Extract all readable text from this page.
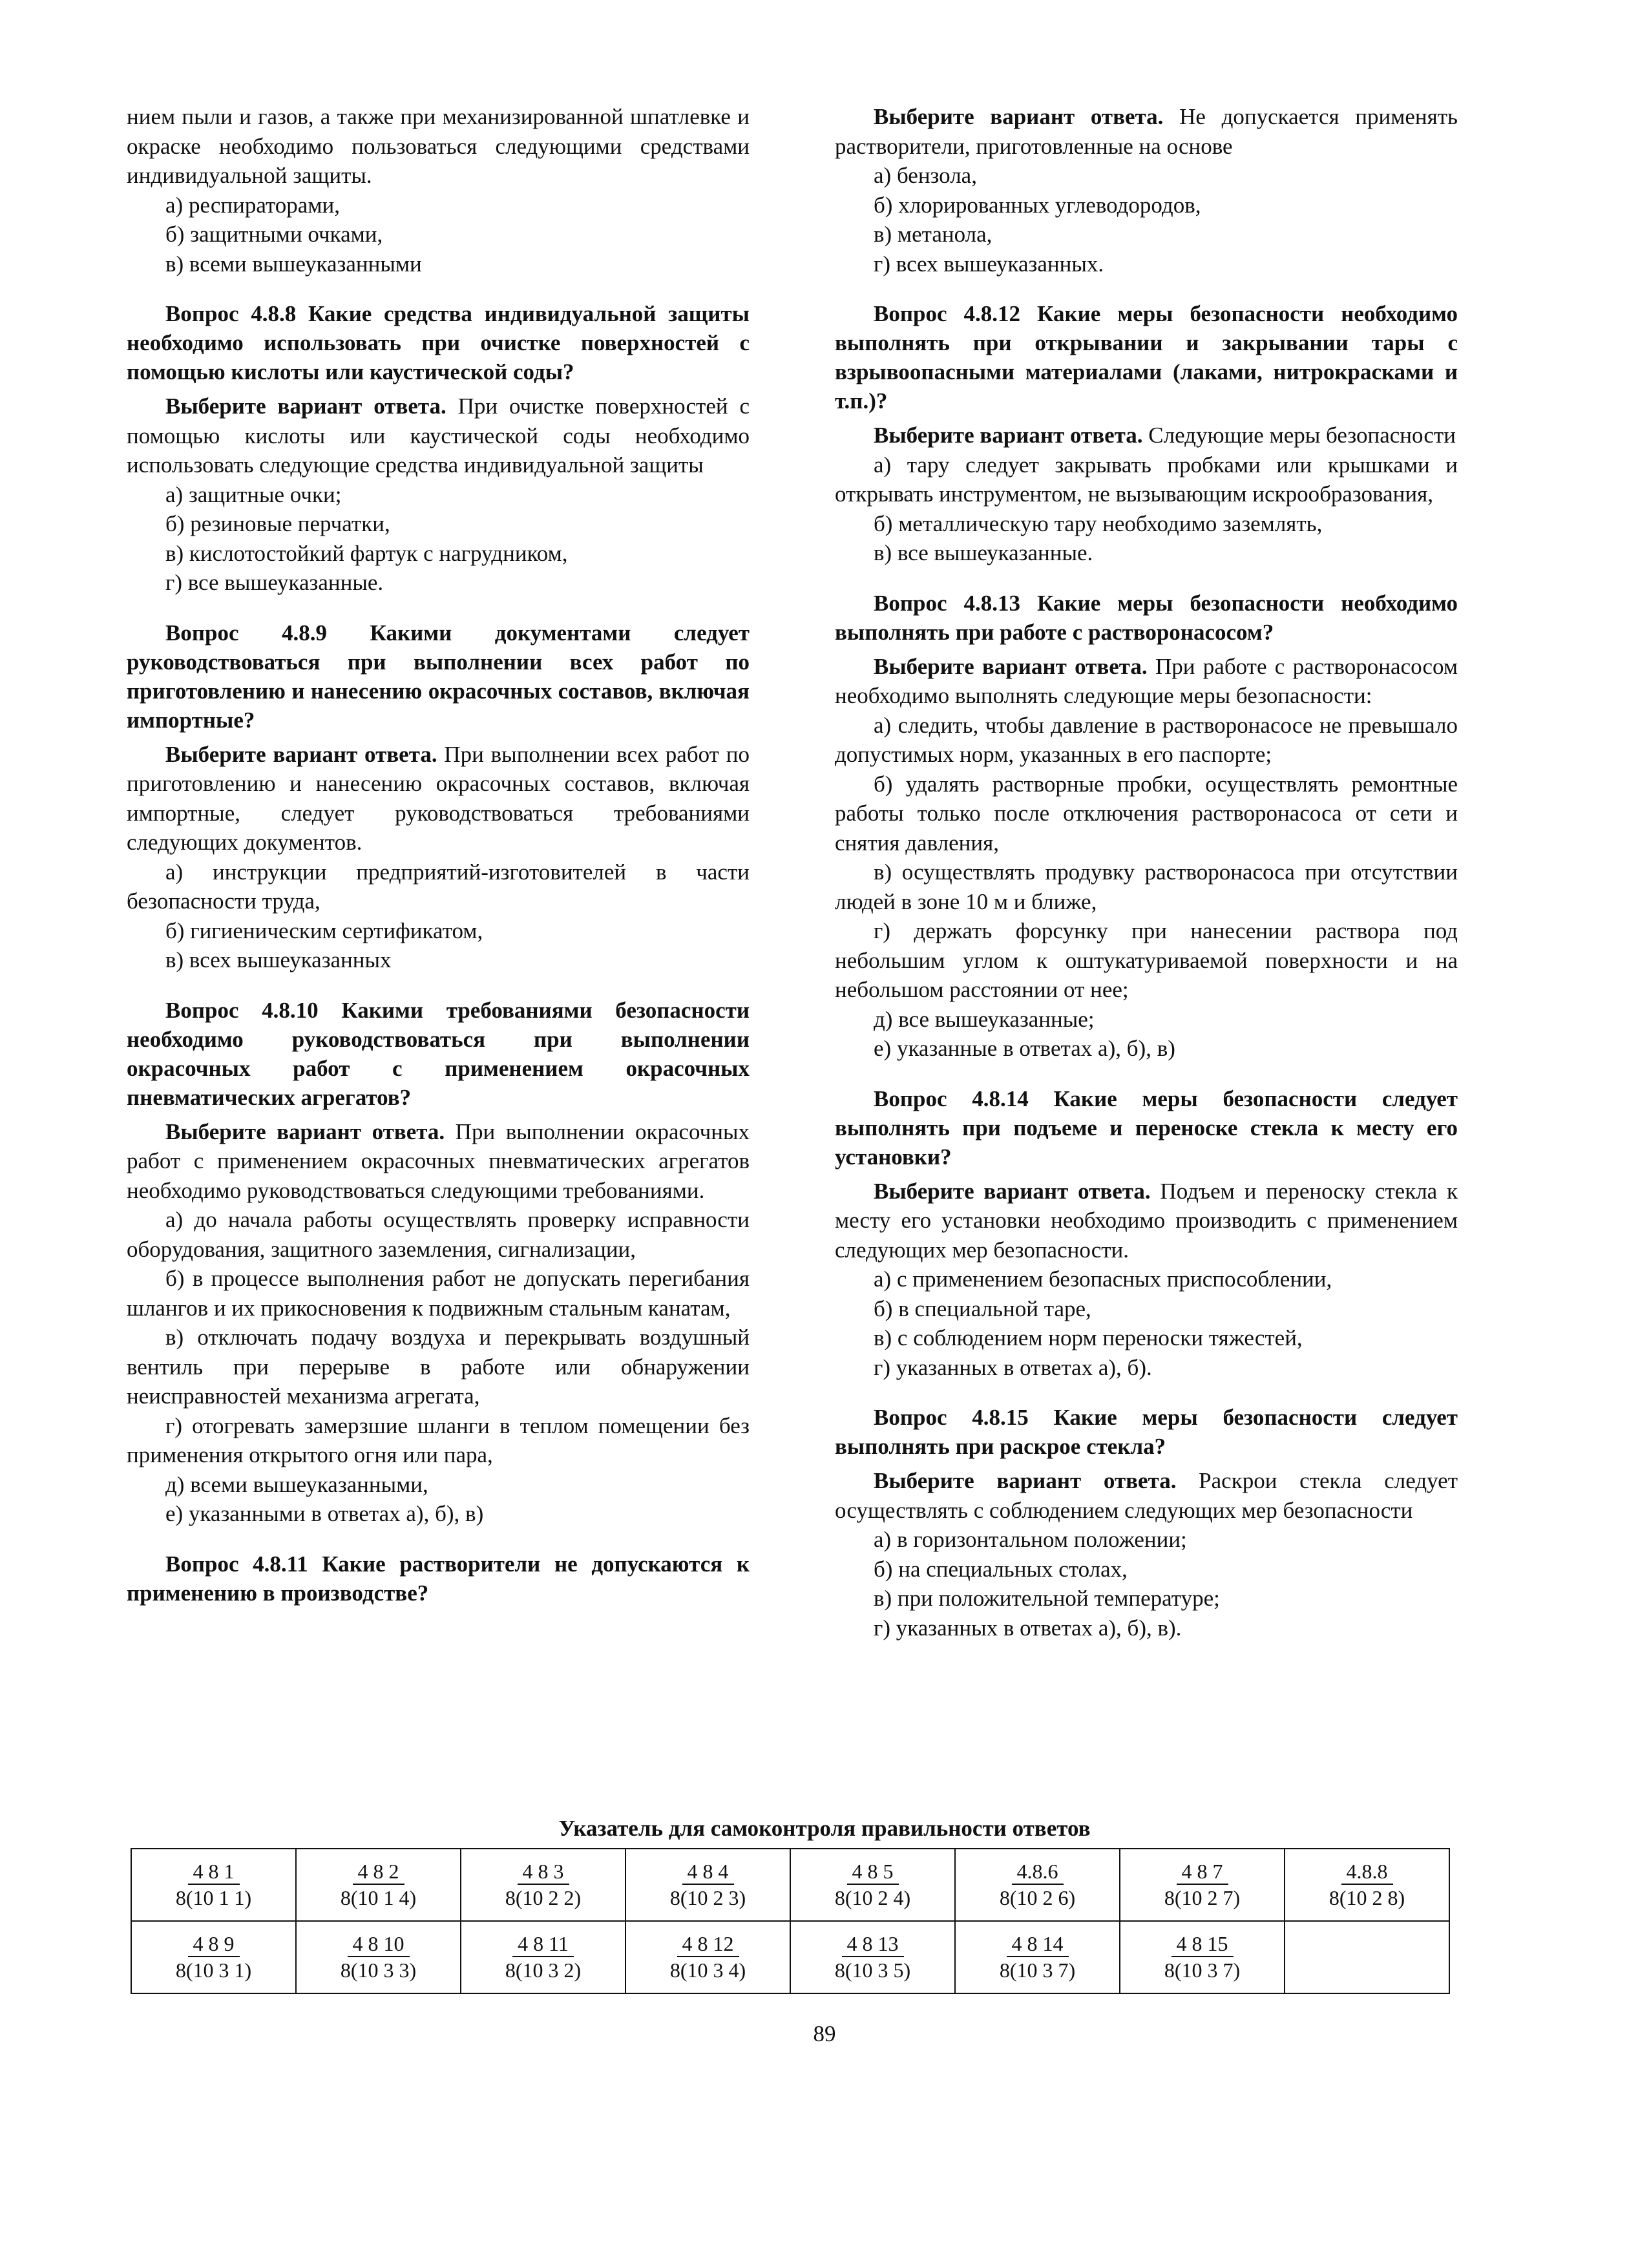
нием пыли и газов, а также при механизированной шпатлевке и окраске необходимо пользоваться следующими средствами индивидуальной защиты.

а) респираторами,

б) защитными очками,

в) всеми вышеуказанными

Вопрос 4.8.8 Какие средства индивидуальной защиты необходимо использовать при очистке поверхностей с помощью кислоты или каустической соды?

Выберите вариант ответа. При очистке поверхностей с помощью кислоты или каустической соды необходимо использовать следующие средства индивидуальной защиты

а) защитные очки;

б) резиновые перчатки,

в) кислотостойкий фартук с нагрудником,

г) все вышеуказанные.

Вопрос 4.8.9 Какими документами следует руководствоваться при выполнении всех работ по приготовлению и нанесению окрасочных составов, включая импортные?

Выберите вариант ответа. При выполнении всех работ по приготовлению и нанесению окрасочных составов, включая импортные, следует руководствоваться требованиями следующих документов.

а) инструкции предприятий-изготовителей в части безопасности труда,

б) гигиеническим сертификатом,

в) всех вышеуказанных

Вопрос 4.8.10 Какими требованиями безопасности необходимо руководствоваться при выполнении окрасочных работ с применением окрасочных пневматических агрегатов?

Выберите вариант ответа. При выполнении окрасочных работ с применением окрасочных пневматических агрегатов необходимо руководствоваться следующими требованиями.

а) до начала работы осуществлять проверку исправности оборудования, защитного заземления, сигнализации,

б) в процессе выполнения работ не допускать перегибания шлангов и их прикосновения к подвижным стальным канатам,

в) отключать подачу воздуха и перекрывать воздушный вентиль при перерыве в работе или обнаружении неисправностей механизма агрегата,

г) отогревать замерзшие шланги в теплом помещении без применения открытого огня или пара,

д) всеми вышеуказанными,

е) указанными в ответах а), б), в)

Вопрос 4.8.11 Какие растворители не допускаются к применению в производстве?

Выберите вариант ответа. Не допускается применять растворители, приготовленные на основе

а) бензола,

б) хлорированных углеводородов,

в) метанола,

г) всех вышеуказанных.

Вопрос 4.8.12 Какие меры безопасности необходимо выполнять при открывании и закрывании тары с взрывоопасными материалами (лаками, нитрокрасками и т.п.)?

Выберите вариант ответа. Следующие меры безопасности

а) тару следует закрывать пробками или крышками и открывать инструментом, не вызывающим искрообразования,

б) металлическую тару необходимо заземлять,

в) все вышеуказанные.

Вопрос 4.8.13 Какие меры безопасности необходимо выполнять при работе с растворонасосом?

Выберите вариант ответа. При работе с растворонасосом необходимо выполнять следующие меры безопасности:

а) следить, чтобы давление в растворонасосе не превышало допустимых норм, указанных в его паспорте;

б) удалять растворные пробки, осуществлять ремонтные работы только после отключения растворонасоса от сети и снятия давления,

в) осуществлять продувку растворонасоса при отсутствии людей в зоне 10 м и ближе,

г) держать форсунку при нанесении раствора под небольшим углом к оштукатуриваемой поверхности и на небольшом расстоянии от нее;

д) все вышеуказанные;

е) указанные в ответах а), б), в)

Вопрос 4.8.14 Какие меры безопасности следует выполнять при подъеме и переноске стекла к месту его установки?

Выберите вариант ответа. Подъем и переноску стекла к месту его установки необходимо производить с применением следующих мер безопасности.

а) с применением безопасных приспособлении,

б) в специальной таре,

в) с соблюдением норм переноски тяжестей,

г) указанных в ответах а), б).

Вопрос 4.8.15 Какие меры безопасности следует выполнять при раскрое стекла?

Выберите вариант ответа. Раскрои стекла следует осуществлять с соблюдением следующих мер безопасности

а) в горизонтальном положении;

б) на специальных столах,

в) при положительной температуре;

г) указанных в ответах а), б), в).

Указатель для самоконтроля правильности ответов
4 8 1
8(10 1 1)	4 8 2
8(10 1 4)	4 8 3
8(10 2 2)	4 8 4
8(10 2 3)	4 8 5
8(10 2 4)	4.8.6
8(10 2 6)	4 8 7
8(10 2 7)	4.8.8
8(10 2 8)

4 8 9
8(10 3 1)	4 8 10
8(10 3 3)	4 8 11
8(10 3 2)	4 8 12
8(10 3 4)	4 8 13
8(10 3 5)	4 8 14
8(10 3 7)	4 8 15
8(10 3 7)	

89
